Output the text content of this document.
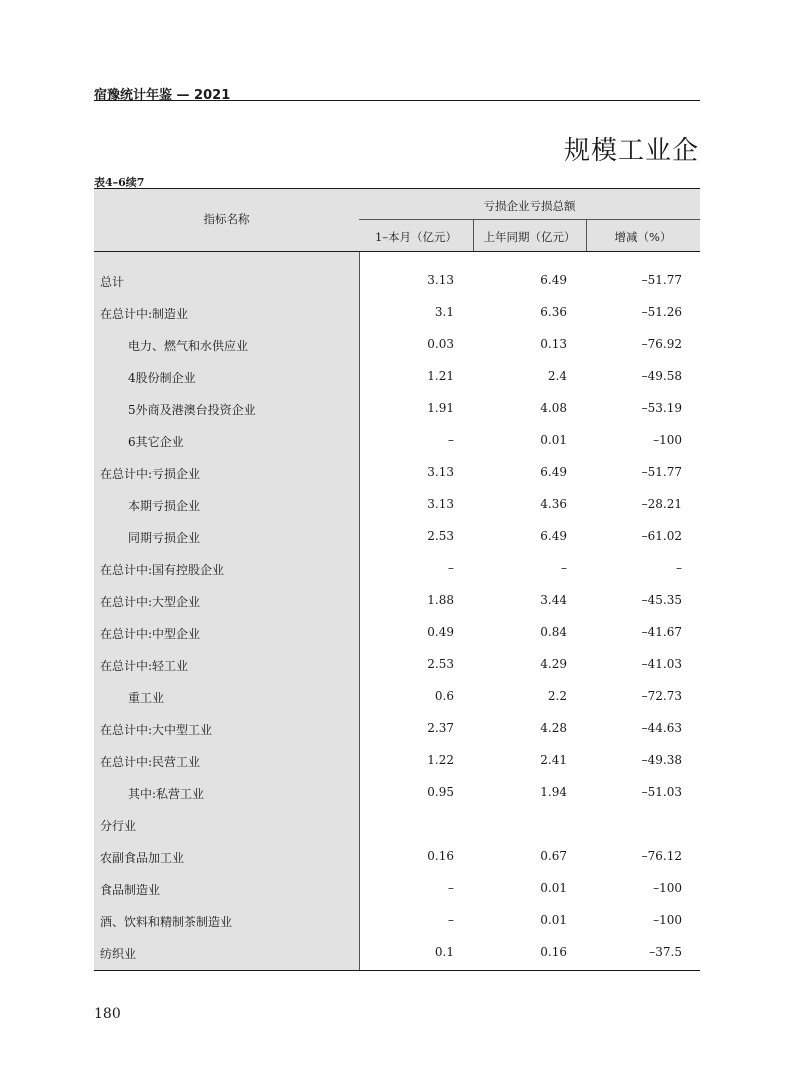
宿豫统计年鉴 — 2021
规模工业企
表4–6续7
指标名称
亏损企业亏损总额
1–本月（亿元）	上年同期（亿元）	增减（%）
总计	3.13	6.49	–51.77
在总计中:制造业	3.1	6.36	–51.26
电力、燃气和水供应业	0.03	0.13	–76.92
4股份制企业	1.21	2.4	–49.58
5外商及港澳台投资企业	1.91	4.08	–53.19
6其它企业	–	0.01	–100
在总计中:亏损企业	3.13	6.49	–51.77
本期亏损企业	3.13	4.36	–28.21
同期亏损企业	2.53	6.49	–61.02
在总计中:国有控股企业	–	–	–
在总计中:大型企业	1.88	3.44	–45.35
在总计中:中型企业	0.49	0.84	–41.67
在总计中:轻工业	2.53	4.29	–41.03
重工业	0.6	2.2	–72.73
在总计中:大中型工业	2.37	4.28	–44.63
在总计中:民营工业	1.22	2.41	–49.38
其中:私营工业	0.95	1.94	–51.03
分行业
农副食品加工业	0.16	0.67	–76.12
食品制造业	–	0.01	–100
酒、饮料和精制茶制造业	–	0.01	–100
纺织业	0.1	0.16	–37.5
180
